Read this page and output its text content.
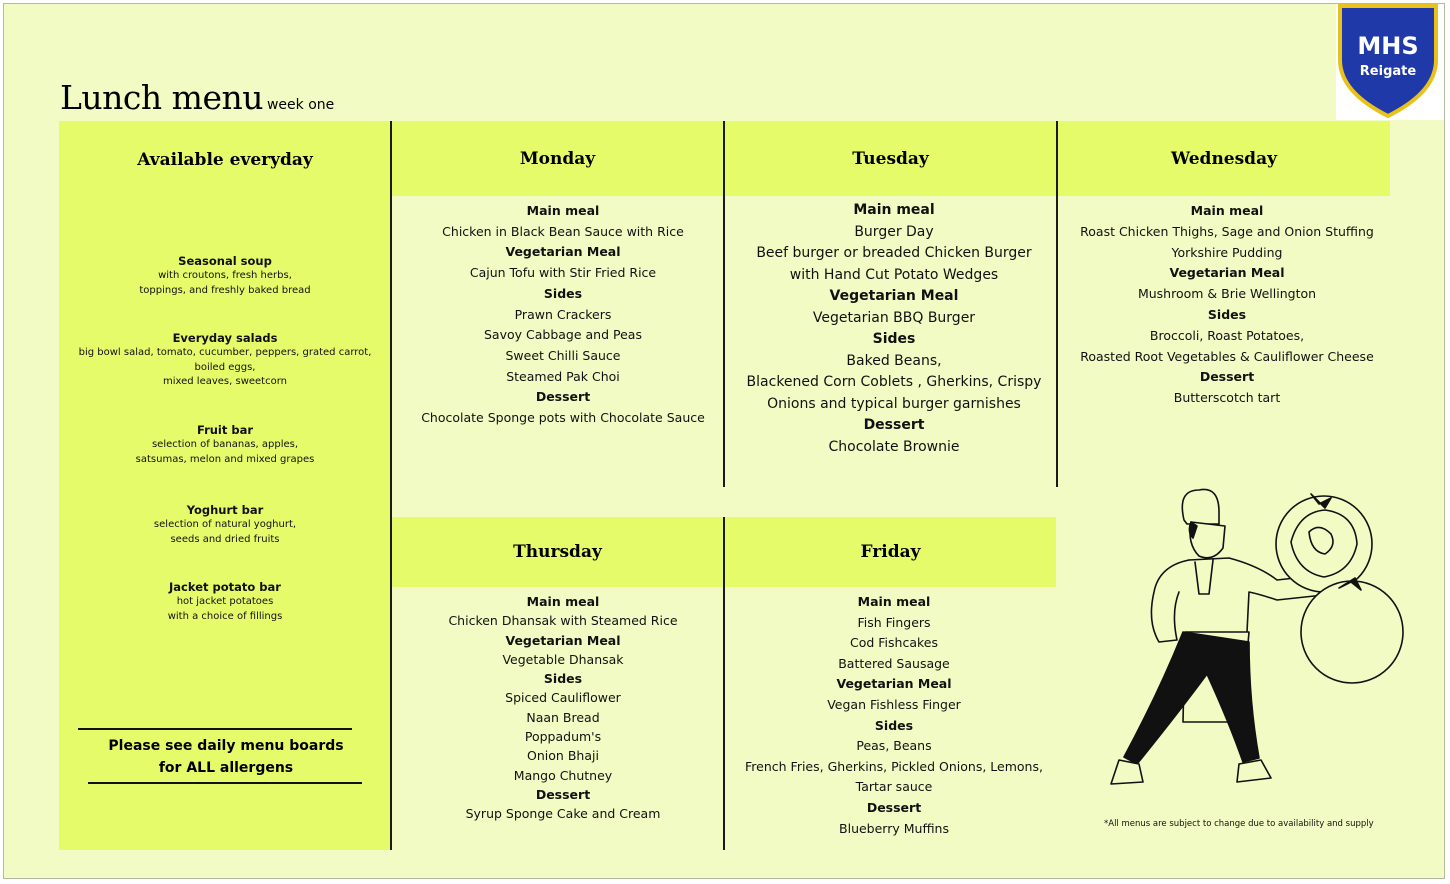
Lunch menu week one
MHS
Reigate
Available everyday
Seasonal soup
with croutons, fresh herbs,
toppings, and freshly baked bread
Everyday salads
big bowl salad, tomato, cucumber, peppers, grated carrot,
boiled eggs,
mixed leaves, sweetcorn
Fruit bar
selection of bananas, apples,
satsumas, melon and mixed grapes
Yoghurt bar
selection of natural yoghurt,
seeds and dried fruits
Jacket potato bar
hot jacket potatoes
with a choice of fillings
Please see daily menu boards
for ALL allergens
Monday	Tuesday	Wednesday
Thursday	Friday
Main meal
Chicken in Black Bean Sauce with Rice
Vegetarian Meal
Cajun Tofu with Stir Fried Rice
Sides
Prawn Crackers
Savoy Cabbage and Peas
Sweet Chilli Sauce
Steamed Pak Choi
Dessert
Chocolate Sponge pots with Chocolate Sauce
Main meal
Burger Day
Beef burger or breaded Chicken Burger
with Hand Cut Potato Wedges
Vegetarian Meal
Vegetarian BBQ Burger
Sides
Baked Beans,
Blackened Corn Coblets , Gherkins, Crispy
Onions and typical burger garnishes
Dessert
Chocolate Brownie
Main meal
Roast Chicken Thighs, Sage and Onion Stuffing
Yorkshire Pudding
Vegetarian Meal
Mushroom & Brie Wellington
Sides
Broccoli, Roast Potatoes,
Roasted Root Vegetables & Cauliflower Cheese
Dessert
Butterscotch tart
Main meal
Chicken Dhansak with Steamed Rice
Vegetarian Meal
Vegetable Dhansak
Sides
Spiced Cauliflower
Naan Bread
Poppadum's
Onion Bhaji
Mango Chutney
Dessert
Syrup Sponge Cake and Cream
Main meal
Fish Fingers
Cod Fishcakes
Battered Sausage
Vegetarian Meal
Vegan Fishless Finger
Sides
Peas, Beans
French Fries, Gherkins, Pickled Onions, Lemons,
Tartar sauce
Dessert
Blueberry Muffins	*All menus are subject to change due to availability and supply
